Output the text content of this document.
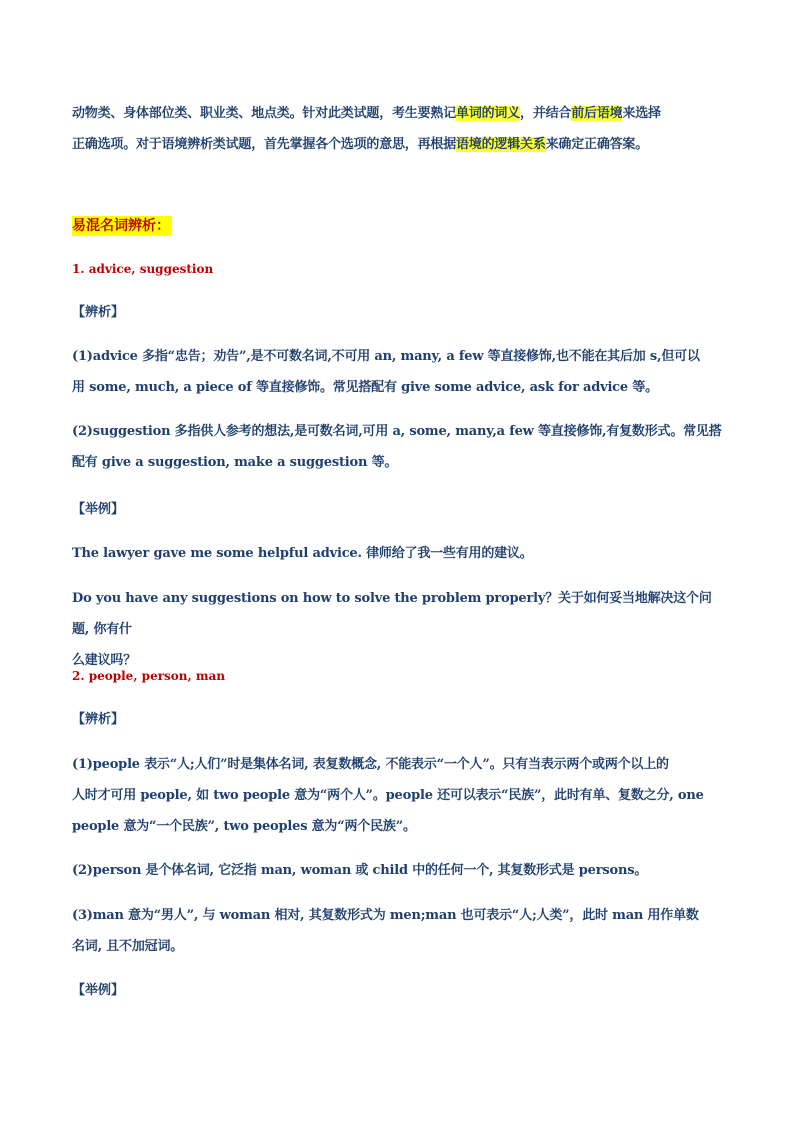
动物类、身体部位类、职业类、地点类。针对此类试题，考生要熟记单词的词义，并结合前后语境来选择

正确选项。对于语境辨析类试题，首先掌握各个选项的意思，再根据语境的逻辑关系来确定正确答案。

易混名词辨析：
1. advice, suggestion
【辨析】

(1)advice 多指“忠告；劝告”,是不可数名词,不可用 an, many, a few 等直接修饰,也不能在其后加 s,但可以

用 some, much, a piece of 等直接修饰。常见搭配有 give some advice, ask for advice 等。

(2)suggestion 多指供人参考的想法,是可数名词,可用 a, some, many,a few 等直接修饰,有复数形式。常见搭

配有 give a suggestion, make a suggestion 等。

【举例】

The lawyer gave me some helpful advice. 律师给了我一些有用的建议。

Do you have any suggestions on how to solve the problem properly？关于如何妥当地解决这个问题, 你有什

么建议吗？

2. people, person, man
【辨析】

(1)people 表示“人;人们”时是集体名词, 表复数概念, 不能表示“一个人”。只有当表示两个或两个以上的

人时才可用 people, 如 two people 意为“两个人”。people 还可以表示“民族”，此时有单、复数之分, one

people 意为“一个民族”, two peoples 意为“两个民族”。

(2)person 是个体名词, 它泛指 man, woman 或 child 中的任何一个, 其复数形式是 persons。

(3)man 意为“男人”, 与 woman 相对, 其复数形式为 men;man 也可表示“人;人类”，此时 man 用作单数

名词, 且不加冠词。

【举例】
